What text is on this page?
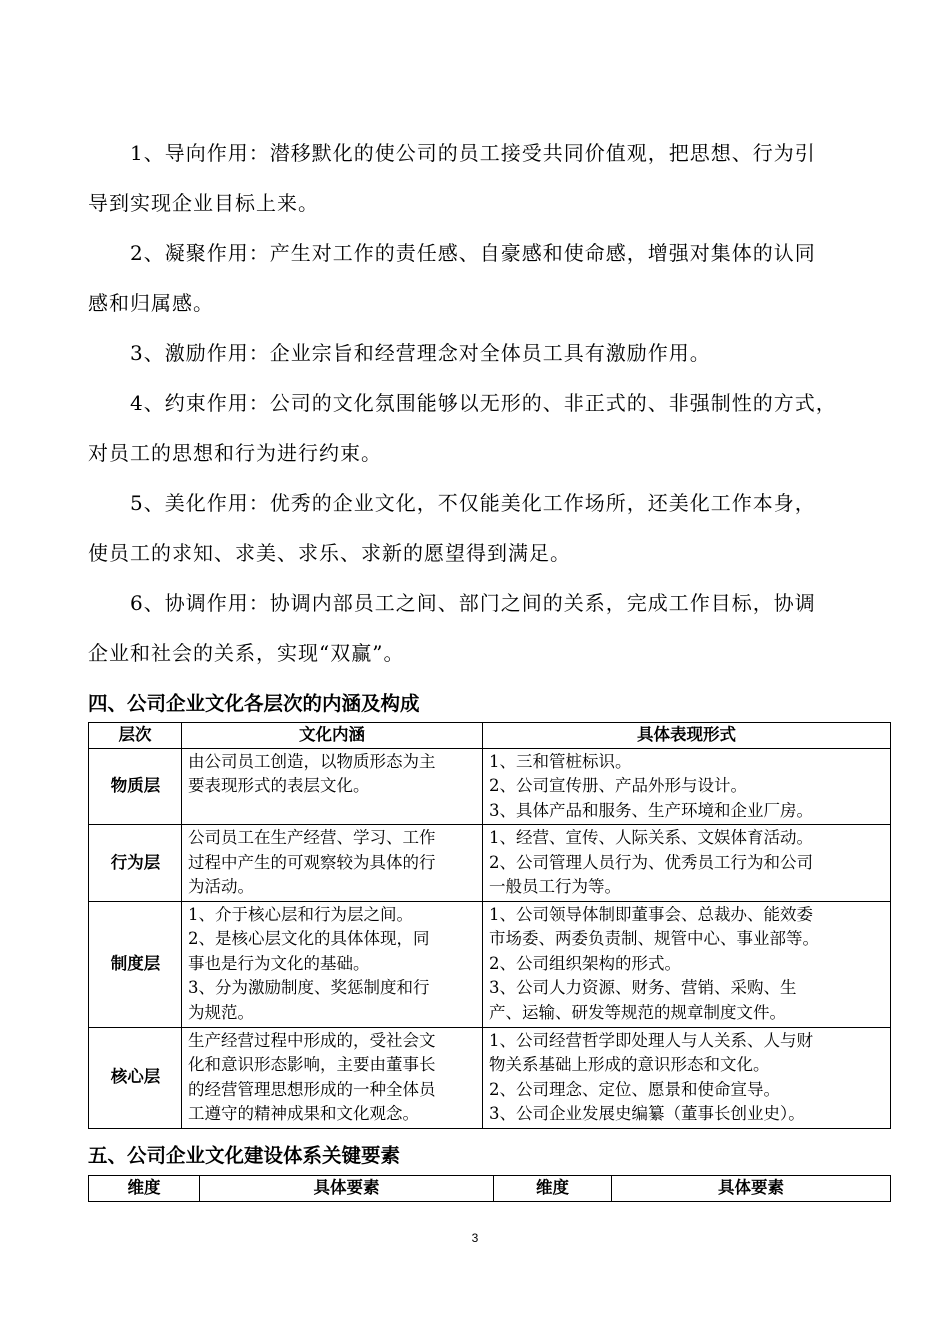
　　1、导向作用：潜移默化的使公司的员工接受共同价值观，把思想、行为引
导到实现企业目标上来。
　　2、凝聚作用：产生对工作的责任感、自豪感和使命感，增强对集体的认同
感和归属感。
　　3、激励作用：企业宗旨和经营理念对全体员工具有激励作用。
　　4、约束作用：公司的文化氛围能够以无形的、非正式的、非强制性的方式，
对员工的思想和行为进行约束。
　　5、美化作用：优秀的企业文化，不仅能美化工作场所，还美化工作本身，
使员工的求知、求美、求乐、求新的愿望得到满足。
　　6、协调作用：协调内部员工之间、部门之间的关系，完成工作目标，协调
企业和社会的关系，实现“双赢”。
四、公司企业文化各层次的内涵及构成
层次	文化内涵	具体表现形式
物质层	由公司员工创造，以物质形态为主
要表现形式的表层文化。	1、三和管桩标识。
2、公司宣传册、产品外形与设计。
3、具体产品和服务、生产环境和企业厂房。

行为层	公司员工在生产经营、学习、工作
过程中产生的可观察较为具体的行
为活动。	1、经营、宣传、人际关系、文娱体育活动。
2、公司管理人员行为、优秀员工行为和公司
一般员工行为等。

制度层	1、介于核心层和行为层之间。
2、是核心层文化的具体体现，同
事也是行为文化的基础。
3、分为激励制度、奖惩制度和行
为规范。	1、公司领导体制即董事会、总裁办、能效委
市场委、两委负责制、规管中心、事业部等。
2、公司组织架构的形式。
3、公司人力资源、财务、营销、采购、生
产、运输、研发等规范的规章制度文件。

核心层	生产经营过程中形成的，受社会文
化和意识形态影响，主要由董事长
的经营管理思想形成的一种全体员
工遵守的精神成果和文化观念。	1、公司经营哲学即处理人与人关系、人与财
物关系基础上形成的意识形态和文化。
2、公司理念、定位、愿景和使命宣导。
3、公司企业发展史编纂（董事长创业史）。
五、公司企业文化建设体系关键要素
维度	具体要素	维度	具体要素
3
